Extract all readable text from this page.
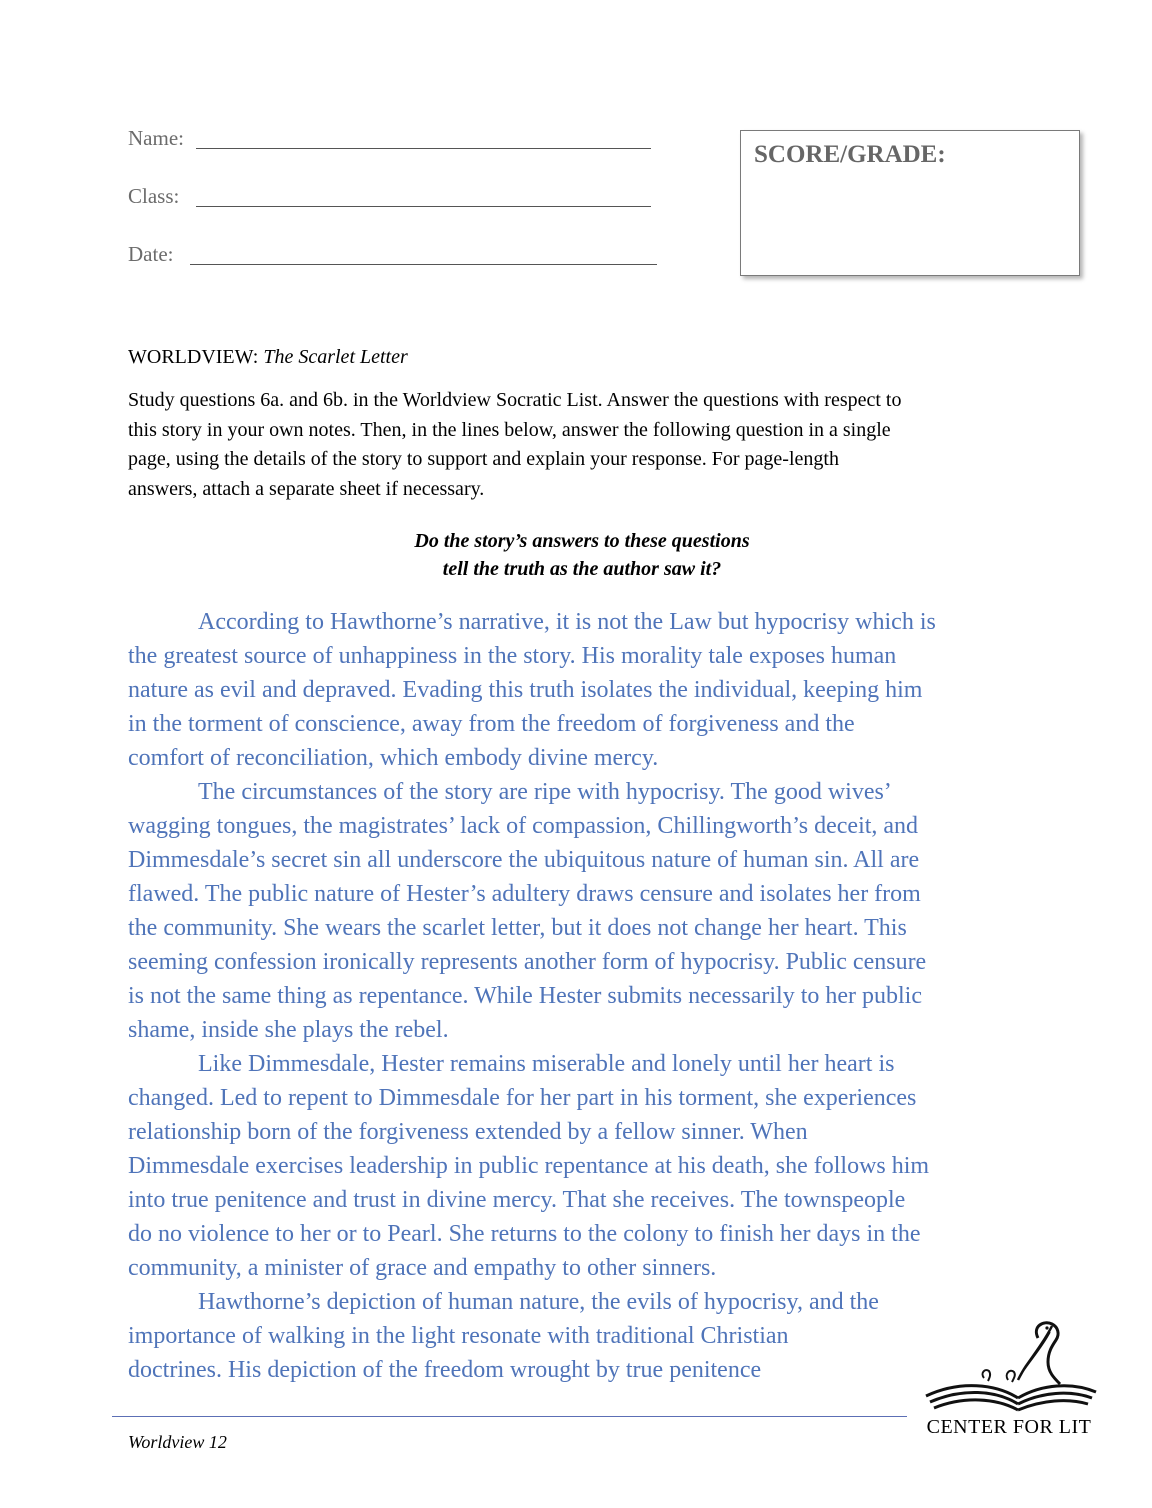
Name:
Class:
Date:
SCORE/GRADE:
WORLDVIEW: The Scarlet Letter
Study questions 6a. and 6b. in the Worldview Socratic List. Answer the questions with respect to
this story in your own notes. Then, in the lines below, answer the following question in a single
page, using the details of the story to support and explain your response. For page-length
answers, attach a separate sheet if necessary.
Do the story’s answers to these questions
tell the truth as the author saw it?

According to Hawthorne’s narrative, it is not the Law but hypocrisy which is
the greatest source of unhappiness in the story. His morality tale exposes human
nature as evil and depraved. Evading this truth isolates the individual, keeping him
in the torment of conscience, away from the freedom of forgiveness and the
comfort of reconciliation, which embody divine mercy.

The circumstances of the story are ripe with hypocrisy. The good wives’
wagging tongues, the magistrates’ lack of compassion, Chillingworth’s deceit, and
Dimmesdale’s secret sin all underscore the ubiquitous nature of human sin. All are
flawed. The public nature of Hester’s adultery draws censure and isolates her from
the community. She wears the scarlet letter, but it does not change her heart. This
seeming confession ironically represents another form of hypocrisy. Public censure
is not the same thing as repentance. While Hester submits necessarily to her public
shame, inside she plays the rebel.

Like Dimmesdale, Hester remains miserable and lonely until her heart is
changed. Led to repent to Dimmesdale for her part in his torment, she experiences
relationship born of the forgiveness extended by a fellow sinner. When
Dimmesdale exercises leadership in public repentance at his death, she follows him
into true penitence and trust in divine mercy. That she receives. The townspeople
do no violence to her or to Pearl. She returns to the colony to finish her days in the
community, a minister of grace and empathy to other sinners.

Hawthorne’s depiction of human nature, the evils of hypocrisy, and the
importance of walking in the light resonate with traditional Christian
doctrines. His depiction of the freedom wrought by true penitence

Worldview 12
CENTER FOR LIT
